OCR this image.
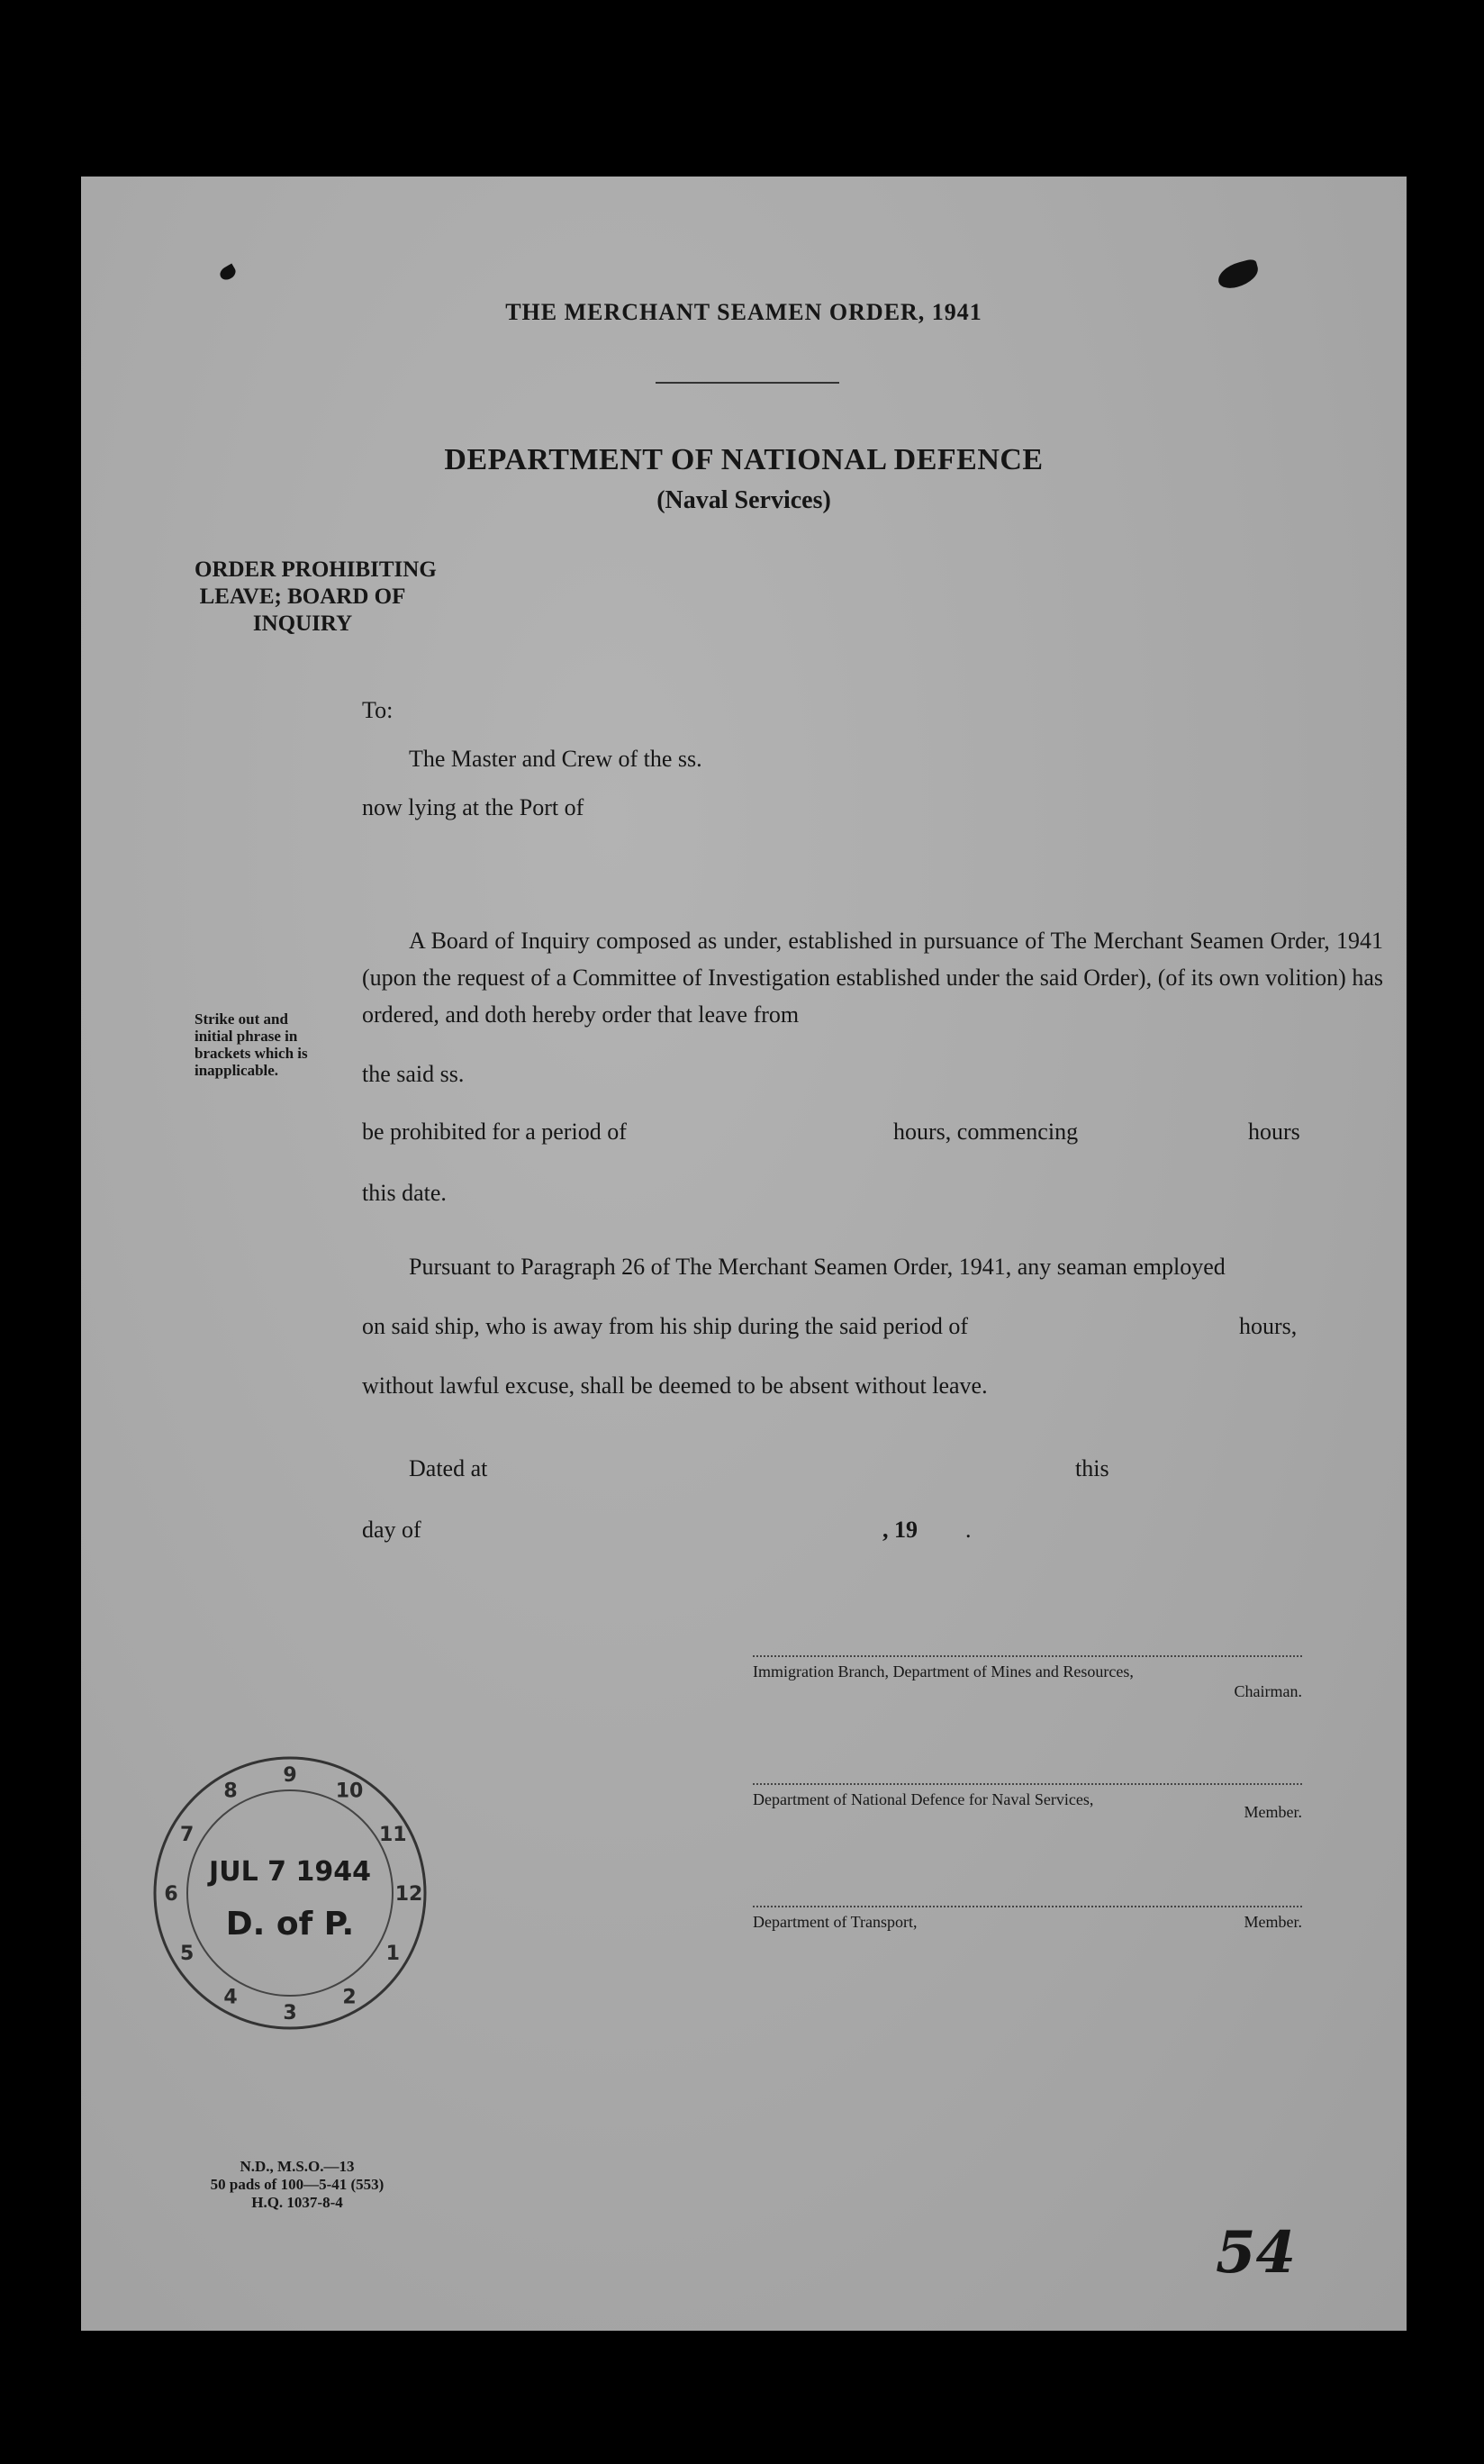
THE MERCHANT SEAMEN ORDER, 1941
DEPARTMENT OF NATIONAL DEFENCE
(Naval Services)
ORDER PROHIBITING
LEAVE; BOARD OF
INQUIRY
To:
The Master and Crew of the ss.
now lying at the Port of
Strike out and
initial phrase in
brackets which is
inapplicable.
A Board of Inquiry composed as under, established in pursuance of The Merchant Seamen Order, 1941 (upon the request of a Committee of Investigation established under the said Order), (of its own volition) has ordered, and doth hereby order that leave from
the said ss.
be prohibited for a period of	hours, commencing	hours
this date.
Pursuant to Paragraph 26 of The Merchant Seamen Order, 1941, any seaman employed
on said ship, who is away from his ship during the said period of	hours,
without lawful excuse, shall be deemed to be absent without leave.
Dated at	this
day of	, 19 .
Immigration Branch, Department of Mines and Resources,
Chairman.
Department of National Defence for Naval Services,
Member.
Department of Transport,	Member.
10
11
12
1
2
3
4
5
6
7
8
9
JUL 7 1944
D. of P.
N.D., M.S.O.—13
50 pads of 100—5-41 (553)
H.Q. 1037-8-4
54
